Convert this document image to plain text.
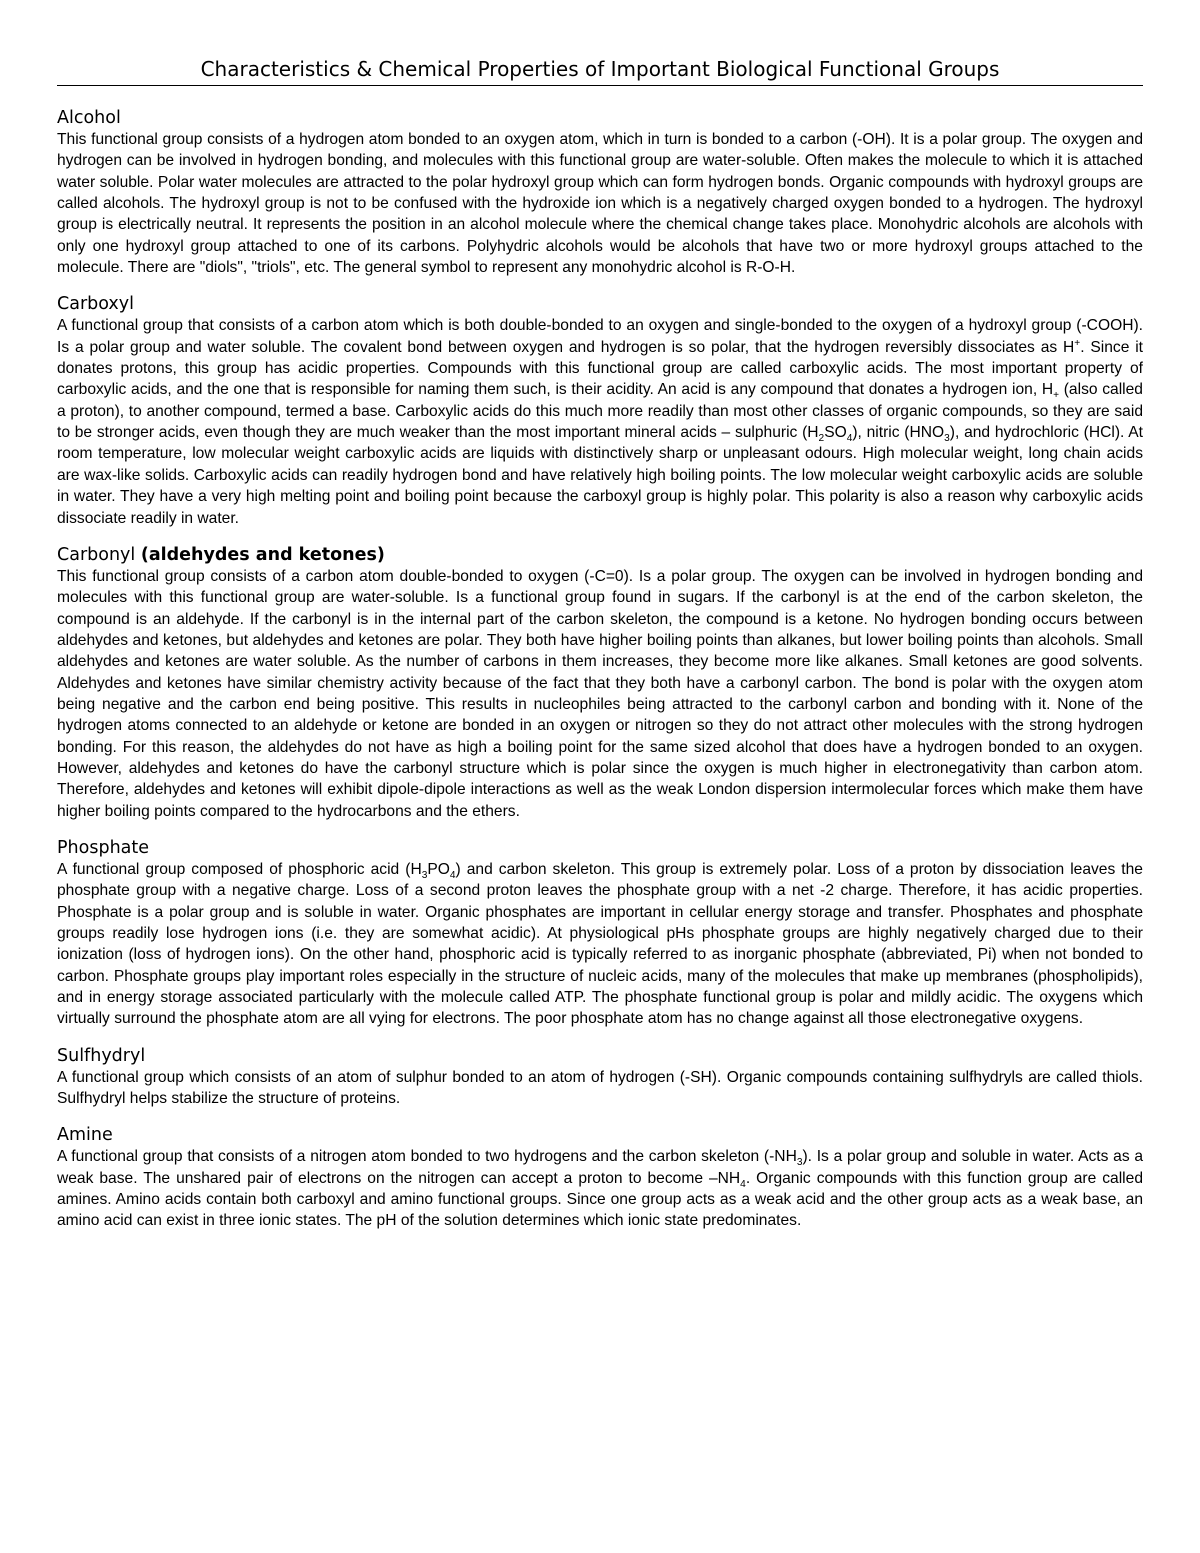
Characteristics & Chemical Properties of Important Biological Functional Groups
Alcohol

This functional group consists of a hydrogen atom bonded to an oxygen atom, which in turn is bonded to a carbon (-OH). It is a polar group. The oxygen and hydrogen can be involved in hydrogen bonding, and molecules with this functional group are water-soluble. Often makes the molecule to which it is attached water soluble. Polar water molecules are attracted to the polar hydroxyl group which can form hydrogen bonds. Organic compounds with hydroxyl groups are called alcohols. The hydroxyl group is not to be confused with the hydroxide ion which is a negatively charged oxygen bonded to a hydrogen. The hydroxyl group is electrically neutral. It represents the position in an alcohol molecule where the chemical change takes place. Monohydric alcohols are alcohols with only one hydroxyl group attached to one of its carbons. Polyhydric alcohols would be alcohols that have two or more hydroxyl groups attached to the molecule. There are "diols", "triols", etc. The general symbol to represent any monohydric alcohol is R-O-H.

Carboxyl

A functional group that consists of a carbon atom which is both double-bonded to an oxygen and single-bonded to the oxygen of a hydroxyl group (-COOH). Is a polar group and water soluble. The covalent bond between oxygen and hydrogen is so polar, that the hydrogen reversibly dissociates as H+. Since it donates protons, this group has acidic properties. Compounds with this functional group are called carboxylic acids. The most important property of carboxylic acids, and the one that is responsible for naming them such, is their acidity. An acid is any compound that donates a hydrogen ion, $H_+$ (also called a proton), to another compound, termed a base. Carboxylic acids do this much more readily than most other classes of organic compounds, so they are said to be stronger acids, even though they are much weaker than the most important mineral acids – sulphuric $(H_2SO_4)$, nitric $(HNO_3)$, and hydrochloric (HCl). At room temperature, low molecular weight carboxylic acids are liquids with distinctively sharp or unpleasant odours. High molecular weight, long chain acids are wax-like solids. Carboxylic acids can readily hydrogen bond and have relatively high boiling points. The low molecular weight carboxylic acids are soluble in water. They have a very high melting point and boiling point because the carboxyl group is highly polar. This polarity is also a reason why carboxylic acids dissociate readily in water.

Carbonyl (aldehydes and ketones)

This functional group consists of a carbon atom double-bonded to oxygen (-C=0). Is a polar group. The oxygen can be involved in hydrogen bonding and molecules with this functional group are water-soluble. Is a functional group found in sugars. If the carbonyl is at the end of the carbon skeleton, the compound is an aldehyde. If the carbonyl is in the internal part of the carbon skeleton, the compound is a ketone. No hydrogen bonding occurs between aldehydes and ketones, but aldehydes and ketones are polar. They both have higher boiling points than alkanes, but lower boiling points than alcohols. Small aldehydes and ketones are water soluble. As the number of carbons in them increases, they become more like alkanes. Small ketones are good solvents. Aldehydes and ketones have similar chemistry activity because of the fact that they both have a carbonyl carbon. The bond is polar with the oxygen atom being negative and the carbon end being positive. This results in nucleophiles being attracted to the carbonyl carbon and bonding with it. None of the hydrogen atoms connected to an aldehyde or ketone are bonded in an oxygen or nitrogen so they do not attract other molecules with the strong hydrogen bonding. For this reason, the aldehydes do not have as high a boiling point for the same sized alcohol that does have a hydrogen bonded to an oxygen. However, aldehydes and ketones do have the carbonyl structure which is polar since the oxygen is much higher in electronegativity than carbon atom. Therefore, aldehydes and ketones will exhibit dipole-dipole interactions as well as the weak London dispersion intermolecular forces which make them have higher boiling points compared to the hydrocarbons and the ethers.

Phosphate

A functional group composed of phosphoric acid $(H_3PO_4)$ and carbon skeleton. This group is extremely polar. Loss of a proton by dissociation leaves the phosphate group with a negative charge. Loss of a second proton leaves the phosphate group with a net -2 charge. Therefore, it has acidic properties. Phosphate is a polar group and is soluble in water. Organic phosphates are important in cellular energy storage and transfer. Phosphates and phosphate groups readily lose hydrogen ions (i.e. they are somewhat acidic). At physiological pHs phosphate groups are highly negatively charged due to their ionization (loss of hydrogen ions). On the other hand, phosphoric acid is typically referred to as inorganic phosphate (abbreviated, Pi) when not bonded to carbon. Phosphate groups play important roles especially in the structure of nucleic acids, many of the molecules that make up membranes (phospholipids), and in energy storage associated particularly with the molecule called ATP. The phosphate functional group is polar and mildly acidic. The oxygens which virtually surround the phosphate atom are all vying for electrons. The poor phosphate atom has no change against all those electronegative oxygens.

Sulfhydryl

A functional group which consists of an atom of sulphur bonded to an atom of hydrogen (-SH). Organic compounds containing sulfhydryls are called thiols. Sulfhydryl helps stabilize the structure of proteins.

Amine

A functional group that consists of a nitrogen atom bonded to two hydrogens and the carbon skeleton $(-NH_3)$. Is a polar group and soluble in water. Acts as a weak base. The unshared pair of electrons on the nitrogen can accept a proton to become $-NH_4$. Organic compounds with this function group are called amines. Amino acids contain both carboxyl and amino functional groups. Since one group acts as a weak acid and the other group acts as a weak base, an amino acid can exist in three ionic states. The pH of the solution determines which ionic state predominates.
